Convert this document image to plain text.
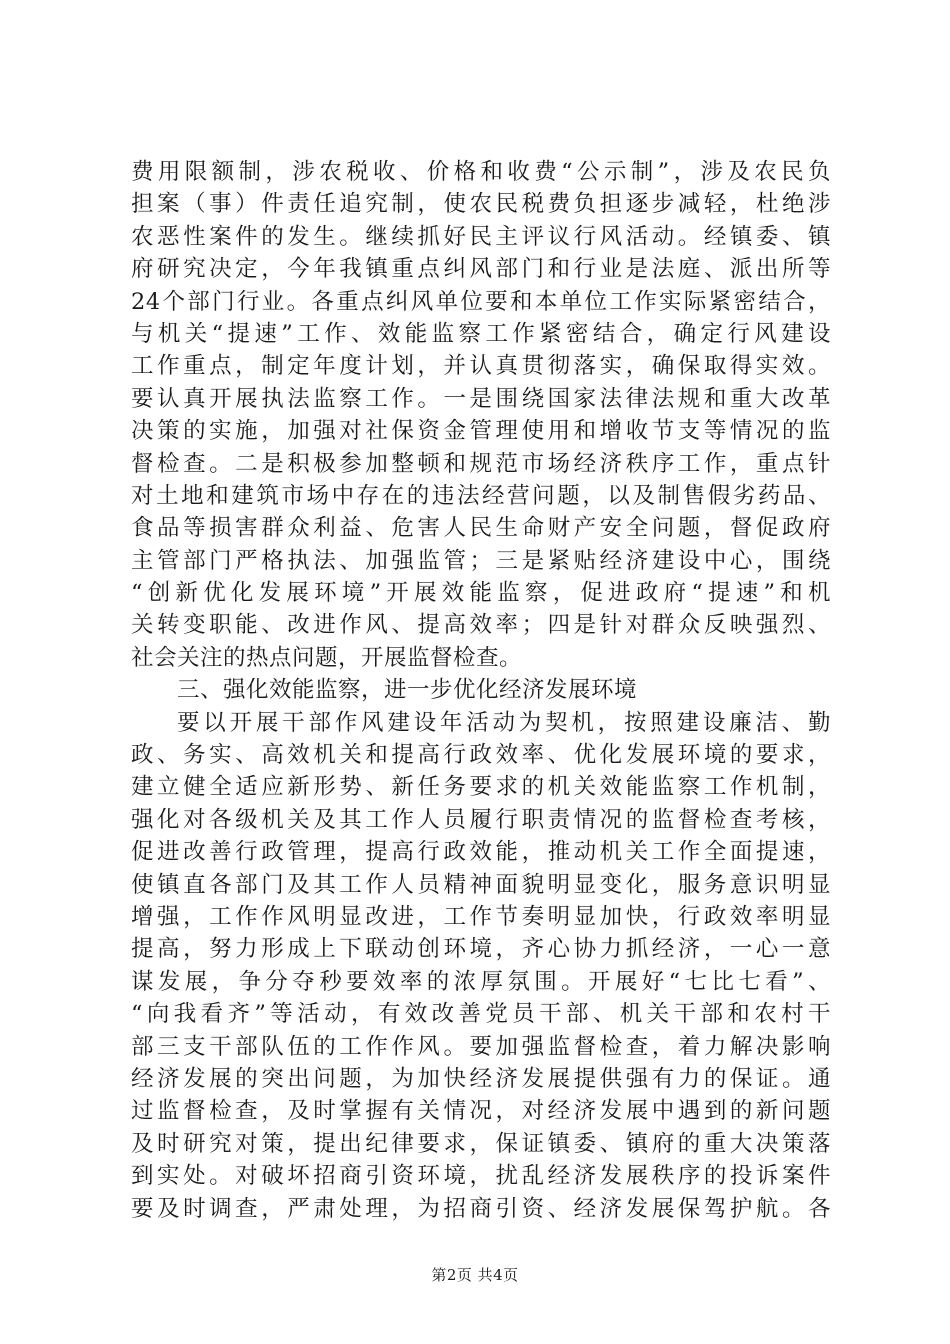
费用限额制，涉农税收、价格和收费“公示制”，涉及农民负
担案（事）件责任追究制，使农民税费负担逐步减轻，杜绝涉
农恶性案件的发生。继续抓好民主评议行风活动。经镇委、镇
府研究决定，今年我镇重点纠风部门和行业是法庭、派出所等
24个部门行业。各重点纠风单位要和本单位工作实际紧密结合，
与机关“提速”工作、效能监察工作紧密结合，确定行风建设
工作重点，制定年度计划，并认真贯彻落实，确保取得实效。
要认真开展执法监察工作。一是围绕国家法律法规和重大改革
决策的实施，加强对社保资金管理使用和增收节支等情况的监
督检查。二是积极参加整顿和规范市场经济秩序工作，重点针
对土地和建筑市场中存在的违法经营问题，以及制售假劣药品、
食品等损害群众利益、危害人民生命财产安全问题，督促政府
主管部门严格执法、加强监管；三是紧贴经济建设中心，围绕
“创新优化发展环境”开展效能监察，促进政府“提速”和机
关转变职能、改进作风、提高效率；四是针对群众反映强烈、
社会关注的热点问题，开展监督检查。
三、强化效能监察，进一步优化经济发展环境
要以开展干部作风建设年活动为契机，按照建设廉洁、勤
政、务实、高效机关和提高行政效率、优化发展环境的要求，
建立健全适应新形势、新任务要求的机关效能监察工作机制，
强化对各级机关及其工作人员履行职责情况的监督检查考核，
促进改善行政管理，提高行政效能，推动机关工作全面提速，
使镇直各部门及其工作人员精神面貌明显变化，服务意识明显
增强，工作作风明显改进，工作节奏明显加快，行政效率明显
提高，努力形成上下联动创环境，齐心协力抓经济，一心一意
谋发展，争分夺秒要效率的浓厚氛围。开展好“七比七看”、
“向我看齐”等活动，有效改善党员干部、机关干部和农村干
部三支干部队伍的工作作风。要加强监督检查，着力解决影响
经济发展的突出问题，为加快经济发展提供强有力的保证。通
过监督检查，及时掌握有关情况，对经济发展中遇到的新问题
及时研究对策，提出纪律要求，保证镇委、镇府的重大决策落
到实处。对破坏招商引资环境，扰乱经济发展秩序的投诉案件
要及时调查，严肃处理，为招商引资、经济发展保驾护航。各
第2页 共4页
